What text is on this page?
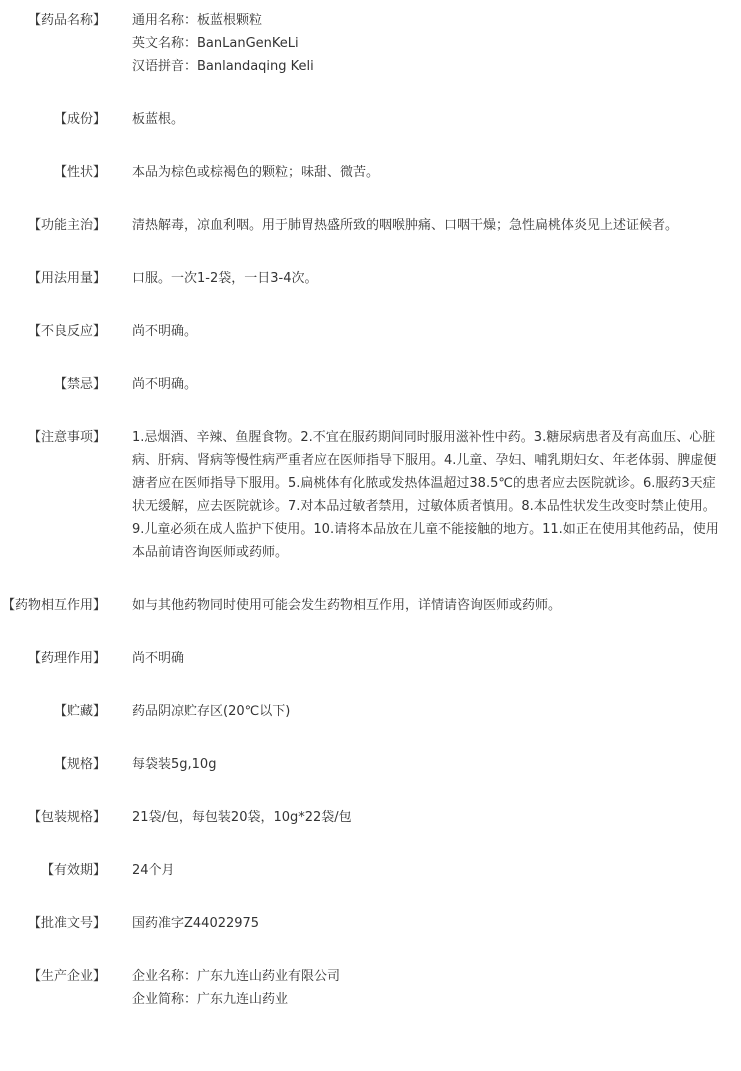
【药品名称】 通用名称：板蓝根颗粒
英文名称：BanLanGenKeLi
汉语拼音：Banlandaqing Keli
【成份】 板蓝根。
【性状】 本品为棕色或棕褐色的颗粒；味甜、微苦。
【功能主治】 清热解毒，凉血利咽。用于肺胃热盛所致的咽喉肿痛、口咽干燥；急性扁桃体炎见上述证候者。
【用法用量】 口服。一次1-2袋，一日3-4次。
【不良反应】 尚不明确。
【禁忌】 尚不明确。
【注意事项】 1.忌烟酒、辛辣、鱼腥食物。2.不宜在服药期间同时服用滋补性中药。3.糖尿病患者及有高血压、心脏病、肝病、肾病等慢性病严重者应在医师指导下服用。4.儿童、孕妇、哺乳期妇女、年老体弱、脾虚便溏者应在医师指导下服用。5.扁桃体有化脓或发热体温超过38.5℃的患者应去医院就诊。6.服药3天症状无缓解，应去医院就诊。7.对本品过敏者禁用，过敏体质者慎用。8.本品性状发生改变时禁止使用。9.儿童必须在成人监护下使用。10.请将本品放在儿童不能接触的地方。11.如正在使用其他药品，使用本品前请咨询医师或药师。
【药物相互作用】 如与其他药物同时使用可能会发生药物相互作用，详情请咨询医师或药师。
【药理作用】 尚不明确
【贮藏】 药品阴凉贮存区(20℃以下)
【规格】 每袋装5g,10g
【包装规格】 21袋/包，每包装20袋，10g*22袋/包
【有效期】 24个月
【批准文号】 国药准字Z44022975
【生产企业】 企业名称：广东九连山药业有限公司
企业简称：广东九连山药业
